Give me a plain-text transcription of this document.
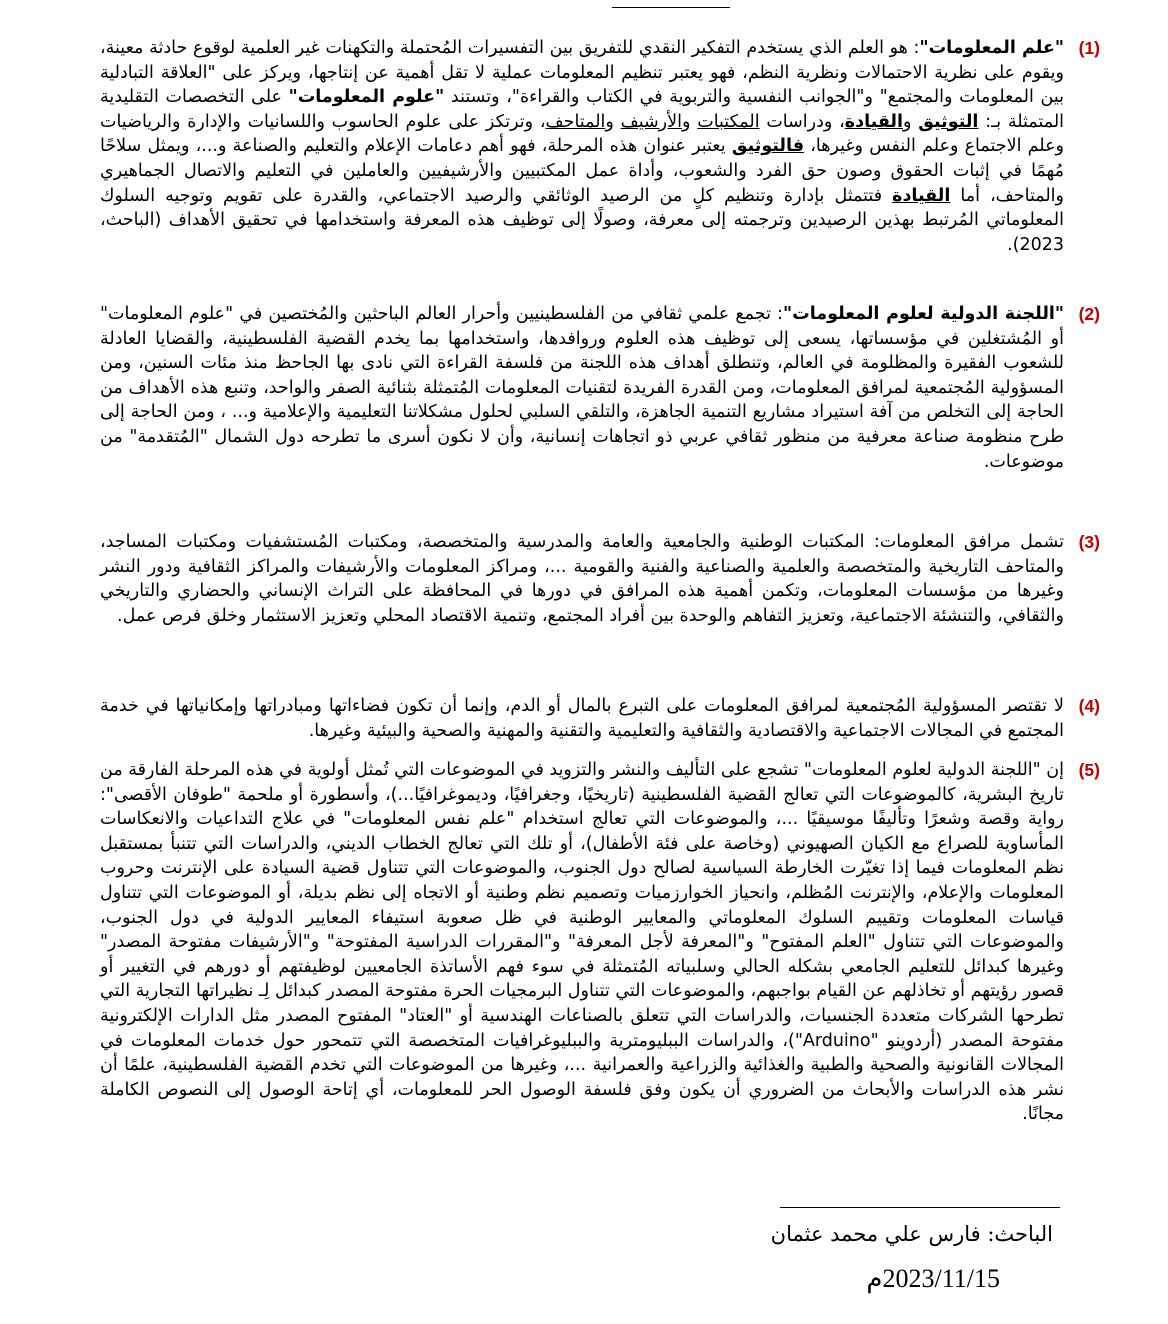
(1)
"علم المعلومات": هو العلم الذي يستخدم التفكير النقدي للتفريق بين التفسيرات المُحتملة والتكهنات غير العلمية لوقوع حادثة معينة، ويقوم على نظرية الاحتمالات ونظرية النظم، فهو يعتبر تنظيم المعلومات عملية لا تقل أهمية عن إنتاجها، ويركز على "العلاقة التبادلية بين المعلومات والمجتمع" و"الجوانب النفسية والتربوية في الكتاب والقراءة"، وتستند "علوم المعلومات" على التخصصات التقليدية المتمثلة بـ: التوثيق والقيادة، ودراسات المكتبات والأرشيف والمتاحف، وترتكز على علوم الحاسوب واللسانيات والإدارة والرياضيات وعلم الاجتماع وعلم النفس وغيرها، فالتوثيق يعتبر عنوان هذه المرحلة، فهو أهم دعامات الإعلام والتعليم والصناعة و...، ويمثل سلاحًا مُهمًا في إثبات الحقوق وصون حق الفرد والشعوب، وأداة عمل المكتبيين والأرشيفيين والعاملين في التعليم والاتصال الجماهيري والمتاحف، أما القيادة فتتمثل بإدارة وتنظيم كلٍ من الرصيد الوثائقي والرصيد الاجتماعي، والقدرة على تقويم وتوجيه السلوك المعلوماتي المُرتبط بهذين الرصيدين وترجمته إلى معرفة، وصولًا إلى توظيف هذه المعرفة واستخدامها في تحقيق الأهداف (الباحث، 2023).
(2)
"اللجنة الدولية لعلوم المعلومات": تجمع علمي ثقافي من الفلسطينيين وأحرار العالم الباحثين والمُختصين في "علوم المعلومات" أو المُشتغلين في مؤسساتها، يسعى إلى توظيف هذه العلوم وروافدها، واستخدامها بما يخدم القضية الفلسطينية، والقضايا العادلة للشعوب الفقيرة والمظلومة في العالم، وتنطلق أهداف هذه اللجنة من فلسفة القراءة التي نادى بها الجاحظ منذ مئات السنين، ومن المسؤولية المُجتمعية لمرافق المعلومات، ومن القدرة الفريدة لتقنيات المعلومات المُتمثلة بثنائية الصفر والواحد، وتنبع هذه الأهداف من الحاجة إلى التخلص من آفة استيراد مشاريع التنمية الجاهزة، والتلقي السلبي لحلول مشكلاتنا التعليمية والإعلامية و... ، ومن الحاجة إلى طرح منظومة صناعة معرفية من منظور ثقافي عربي ذو اتجاهات إنسانية، وأن لا نكون أسرى ما تطرحه دول الشمال "المُتقدمة" من موضوعات.
(3)
تشمل مرافق المعلومات: المكتبات الوطنية والجامعية والعامة والمدرسية والمتخصصة، ومكتبات المُستشفيات ومكتبات المساجد، والمتاحف التاريخية والمتخصصة والعلمية والصناعية والفنية والقومية ...، ومراكز المعلومات والأرشيفات والمراكز الثقافية ودور النشر وغيرها من مؤسسات المعلومات، وتكمن أهمية هذه المرافق في دورها في المحافظة على التراث الإنساني والحضاري والتاريخي والثقافي، والتنشئة الاجتماعية، وتعزيز التفاهم والوحدة بين أفراد المجتمع، وتنمية الاقتصاد المحلي وتعزيز الاستثمار وخلق فرص عمل.
(4)
لا تقتصر المسؤولية المُجتمعية لمرافق المعلومات على التبرع بالمال أو الدم، وإنما أن تكون فضاءاتها ومبادراتها وإمكانياتها في خدمة المجتمع في المجالات الاجتماعية والاقتصادية والثقافية والتعليمية والتقنية والمهنية والصحية والبيئية وغيرها.
(5)
إن "اللجنة الدولية لعلوم المعلومات" تشجع على التأليف والنشر والتزويد في الموضوعات التي تُمثل أولوية في هذه المرحلة الفارقة من تاريخ البشرية، كالموضوعات التي تعالج القضية الفلسطينية (تاريخيًا، وجغرافيًا، وديموغرافيًا...)، وأسطورة أو ملحمة "طوفان الأقصى": رواية وقصة وشعرًا وتأليفًا موسيقيًا ...، والموضوعات التي تعالج استخدام "علم نفس المعلومات" في علاج التداعيات والانعكاسات المأساوية للصراع مع الكيان الصهيوني (وخاصة على فئة الأطفال)، أو تلك التي تعالج الخطاب الديني، والدراسات التي تتنبأ بمستقبل نظم المعلومات فيما إذا تغيّرت الخارطة السياسية لصالح دول الجنوب، والموضوعات التي تتناول قضية السيادة على الإنترنت وحروب المعلومات والإعلام، والإنترنت المُظلم، وانحياز الخوارزميات وتصميم نظم وطنية أو الاتجاه إلى نظم بديلة، أو الموضوعات التي تتناول قياسات المعلومات وتقييم السلوك المعلوماتي والمعايير الوطنية في ظل صعوبة استيفاء المعايير الدولية في دول الجنوب، والموضوعات التي تتناول "العلم المفتوح" و"المعرفة لأجل المعرفة" و"المقررات الدراسية المفتوحة" و"الأرشيفات مفتوحة المصدر" وغيرها كبدائل للتعليم الجامعي بشكله الحالي وسلبياته المُتمثلة في سوء فهم الأساتذة الجامعيين لوظيفتهم أو دورهم في التغيير أو قصور رؤيتهم أو تخاذلهم عن القيام بواجبهم، والموضوعات التي تتناول البرمجيات الحرة مفتوحة المصدر كبدائل لِـ نظيراتها التجارية التي تطرحها الشركات متعددة الجنسيات، والدراسات التي تتعلق بالصناعات الهندسية أو "العتاد" المفتوح المصدر مثل الدارات الإلكترونية مفتوحة المصدر (أردوينو "Arduino")، والدراسات الببليومترية والببليوغرافيات المتخصصة التي تتمحور حول خدمات المعلومات في المجالات القانونية والصحية والطبية والغذائية والزراعية والعمرانية ...، وغيرها من الموضوعات التي تخدم القضية الفلسطينية، علمًا أن نشر هذه الدراسات والأبحاث من الضروري أن يكون وفق فلسفة الوصول الحر للمعلومات، أي إتاحة الوصول إلى النصوص الكاملة مجانًا.
الباحث: فارس علي محمد عثمان
2023/11/15م
